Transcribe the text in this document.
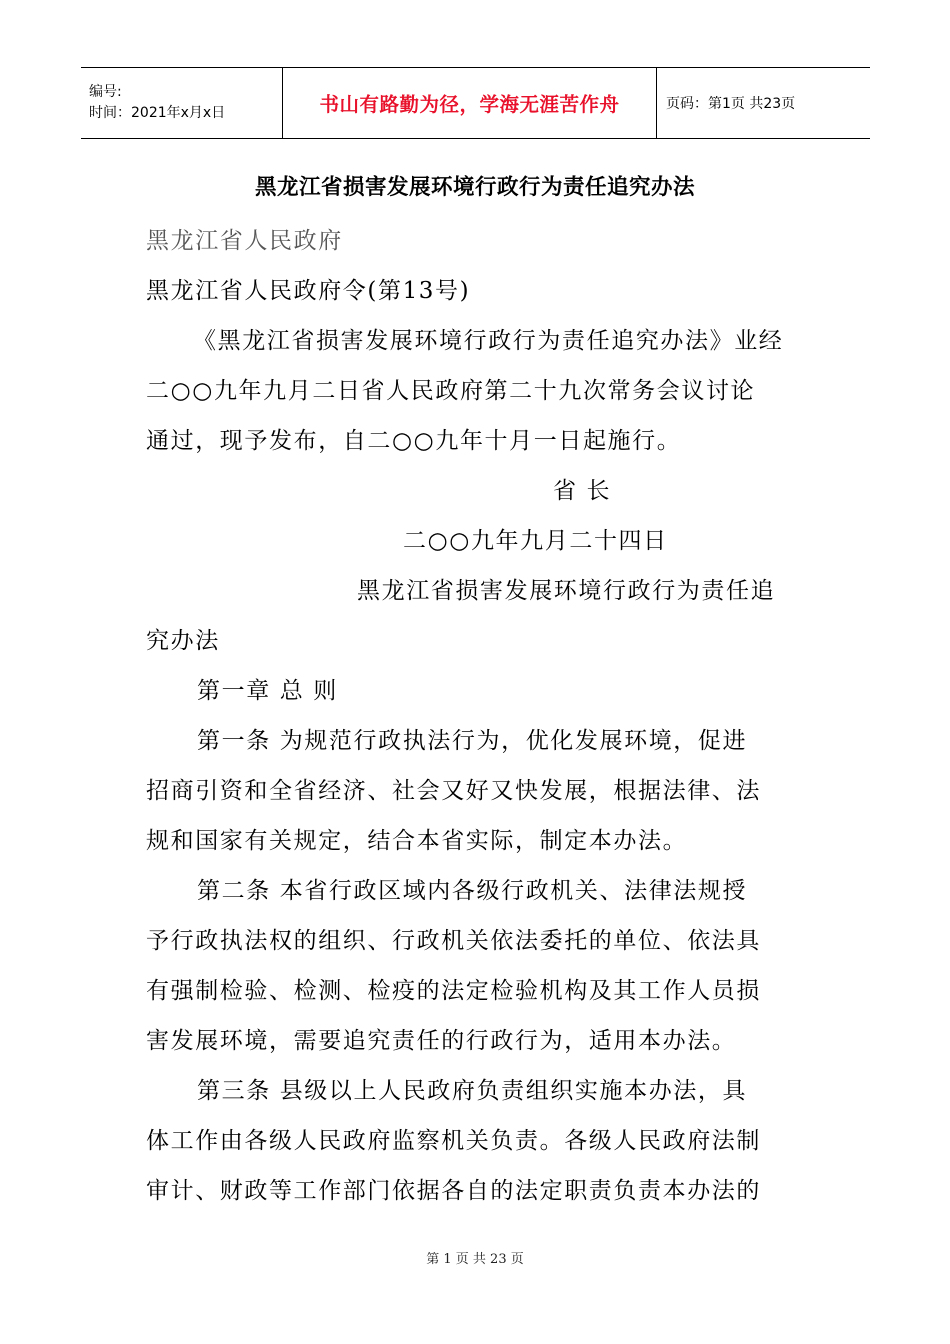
编号:
时间：2021年x月x日	书山有路勤为径，学海无涯苦作舟	页码：第1页 共23页
黑龙江省损害发展环境行政行为责任追究办法
黑龙江省人民政府
黑龙江省人民政府令(第13号)
《黑龙江省损害发展环境行政行为责任追究办法》业经
二○○九年九月二日省人民政府第二十九次常务会议讨论
通过，现予发布，自二○○九年十月一日起施行。
省 长
二○○九年九月二十四日
黑龙江省损害发展环境行政行为责任追
究办法
第一章 总 则
第一条 为规范行政执法行为，优化发展环境，促进
招商引资和全省经济、社会又好又快发展，根据法律、法
规和国家有关规定，结合本省实际，制定本办法。
第二条 本省行政区域内各级行政机关、法律法规授
予行政执法权的组织、行政机关依法委托的单位、依法具
有强制检验、检测、检疫的法定检验机构及其工作人员损
害发展环境，需要追究责任的行政行为，适用本办法。
第三条 县级以上人民政府负责组织实施本办法，具
体工作由各级人民政府监察机关负责。各级人民政府法制
审计、财政等工作部门依据各自的法定职责负责本办法的
第 1 页 共 23 页
